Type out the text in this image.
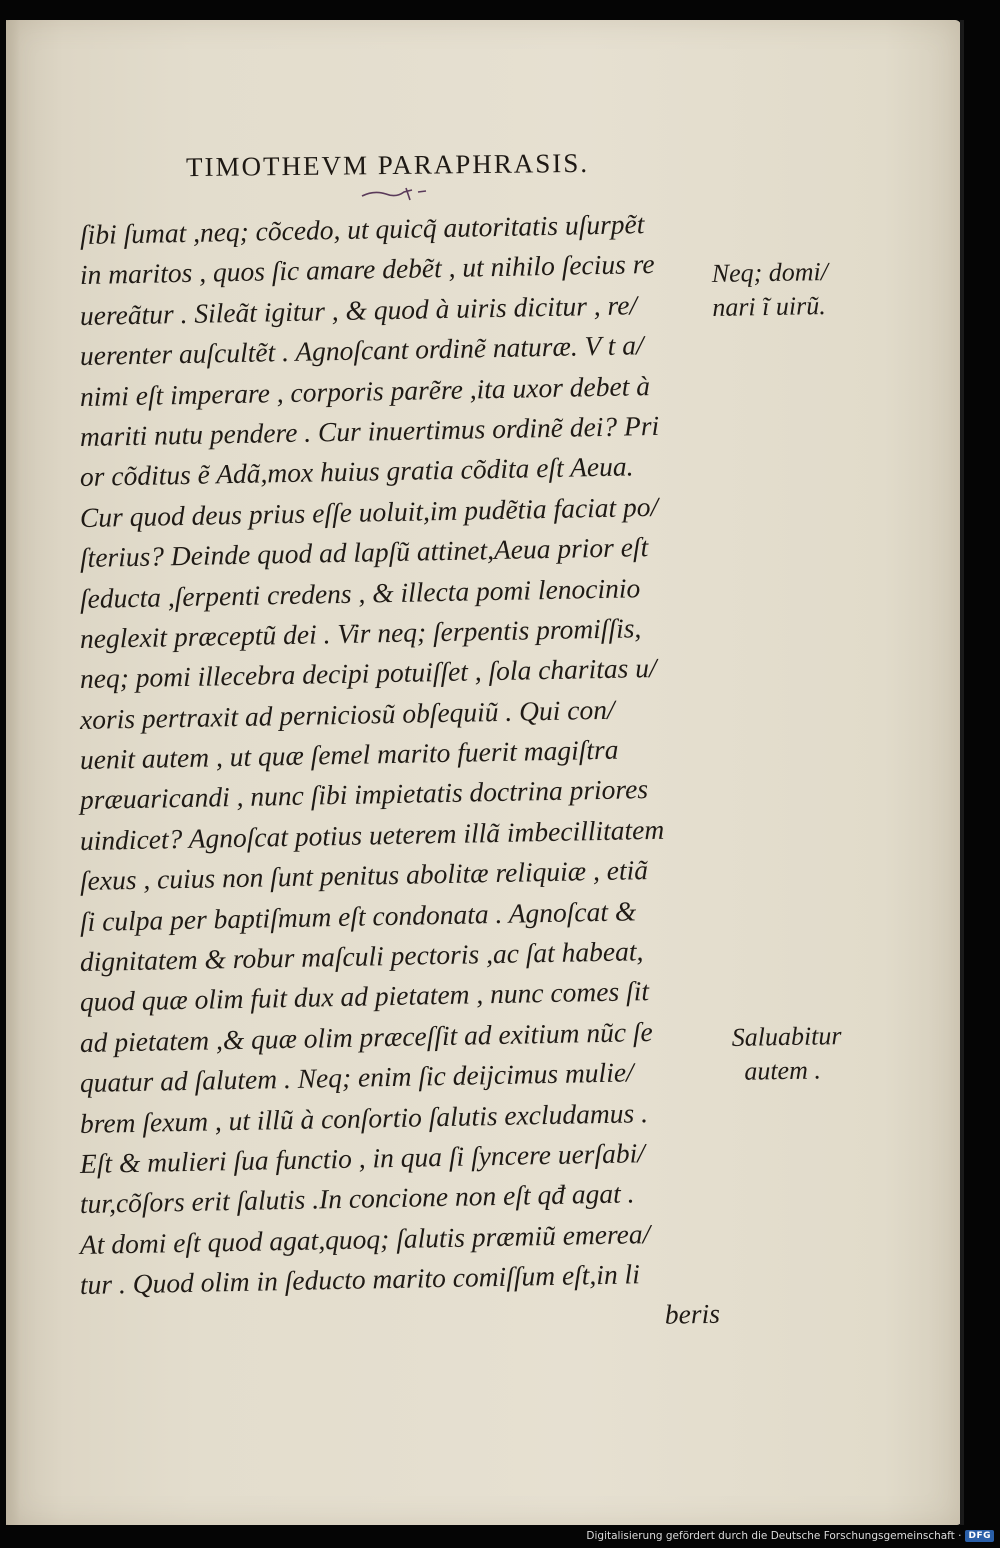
TIMOTHEVM PARAPHRASIS.
ſibi ſumat ,neq; cõcedo, ut quicq̃ autoritatis uſurpẽt
in maritos , quos ſic amare debẽt , ut nihilo ſecius re
uereãtur . Sileãt igitur , & quod à uiris dicitur , re/
uerenter auſcultẽt . Agnoſcant ordinẽ naturæ. V t a/
nimi eſt imperare , corporis parẽre ,ita uxor debet à
mariti nutu pendere . Cur inuertimus ordinẽ dei? Pri
or cõditus ẽ Adã,mox huius gratia cõdita eſt Aeua.
Cur quod deus prius eſſe uoluit,im pudẽtia faciat po/
ſterius? Deinde quod ad lapſũ attinet,Aeua prior eſt
ſeducta ,ſerpenti credens , & illecta pomi lenocinio
neglexit præceptũ dei . Vir neq; ſerpentis promiſſis,
neq; pomi illecebra decipi potuiſſet , ſola charitas u/
xoris pertraxit ad perniciosũ obſequiũ . Qui con/
uenit autem , ut quæ ſemel marito fuerit magiſtra
præuaricandi , nunc ſibi impietatis doctrina priores
uindicet? Agnoſcat potius ueterem illã imbecillitatem
ſexus , cuius non ſunt penitus abolitæ reliquiæ , etiã
ſi culpa per baptiſmum eſt condonata . Agnoſcat &
dignitatem & robur maſculi pectoris ,ac ſat habeat,
quod quæ olim fuit dux ad pietatem , nunc comes ſit
ad pietatem ,& quæ olim præceſſit ad exitium nũc ſe
quatur ad ſalutem . Neq; enim ſic deijcimus mulie/
brem ſexum , ut illũ à conſortio ſalutis excludamus .
Eſt & mulieri ſua functio , in qua ſi ſyncere uerſabi/
tur,cõſors erit ſalutis .In concione non eſt qđ agat .
At domi eſt quod agat,quoq; ſalutis præmiũ emerea/
tur . Quod olim in ſeducto marito comiſſum eſt,in li
beris
Neq; domi/
nari ĩ uirũ.
Saluabitur
autem .
Digitalisierung gefördert durch die Deutsche Forschungsgemeinschaft · DFG
